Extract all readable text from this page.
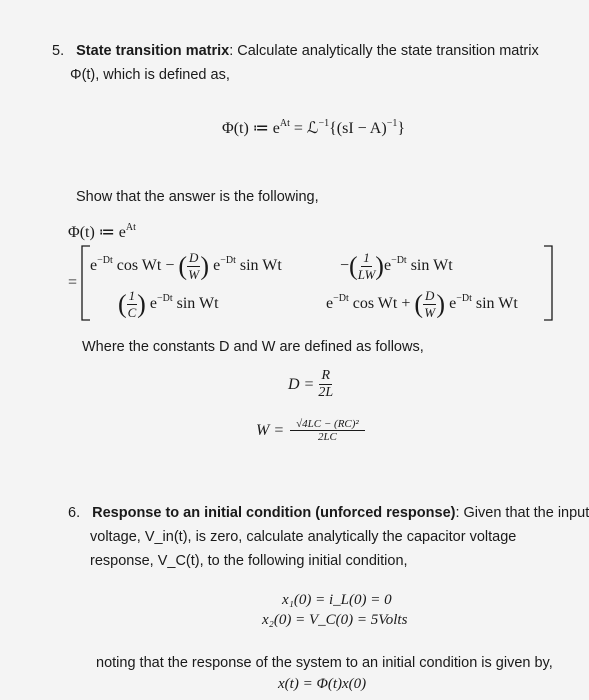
5. State transition matrix: Calculate analytically the state transition matrix
Φ(t), which is defined as,
Φ(t) ≔ $e^{At}$ = ℒ$^{-1}${(sI − A)$^{-1}$}
Show that the answer is the following,
Φ(t) ≔ $e^{At}$
=
$e^{-Dt}$ cos Wt − ( $\frac{D}{W}$ ) $e^{-Dt}$ sin Wt	−( $\frac{1}{LW} )e^{-Dt}$ sin Wt
( $\frac{1}{C}$ ) $e^{-Dt}$ sin Wt	$e^{-Dt}$ cos Wt + ( $\frac{D}{W}$ ) $e^{-Dt}$ sin Wt
Where the constants D and W are defined as follows,
$D = \frac{R}{2L}$
$W = \frac{\text{√4LC − (RC)²}}{2LC}$
6. Response to an initial condition (unforced response): Given that the input
voltage, V_in(t), is zero, calculate analytically the capacitor voltage
response, V_C(t), to the following initial condition,
x₁(0) = i_L(0) = 0
x₂(0) = V_C(0) = 5Volts
noting that the response of the system to an initial condition is given by,
x(t) = Φ(t)x(0)
